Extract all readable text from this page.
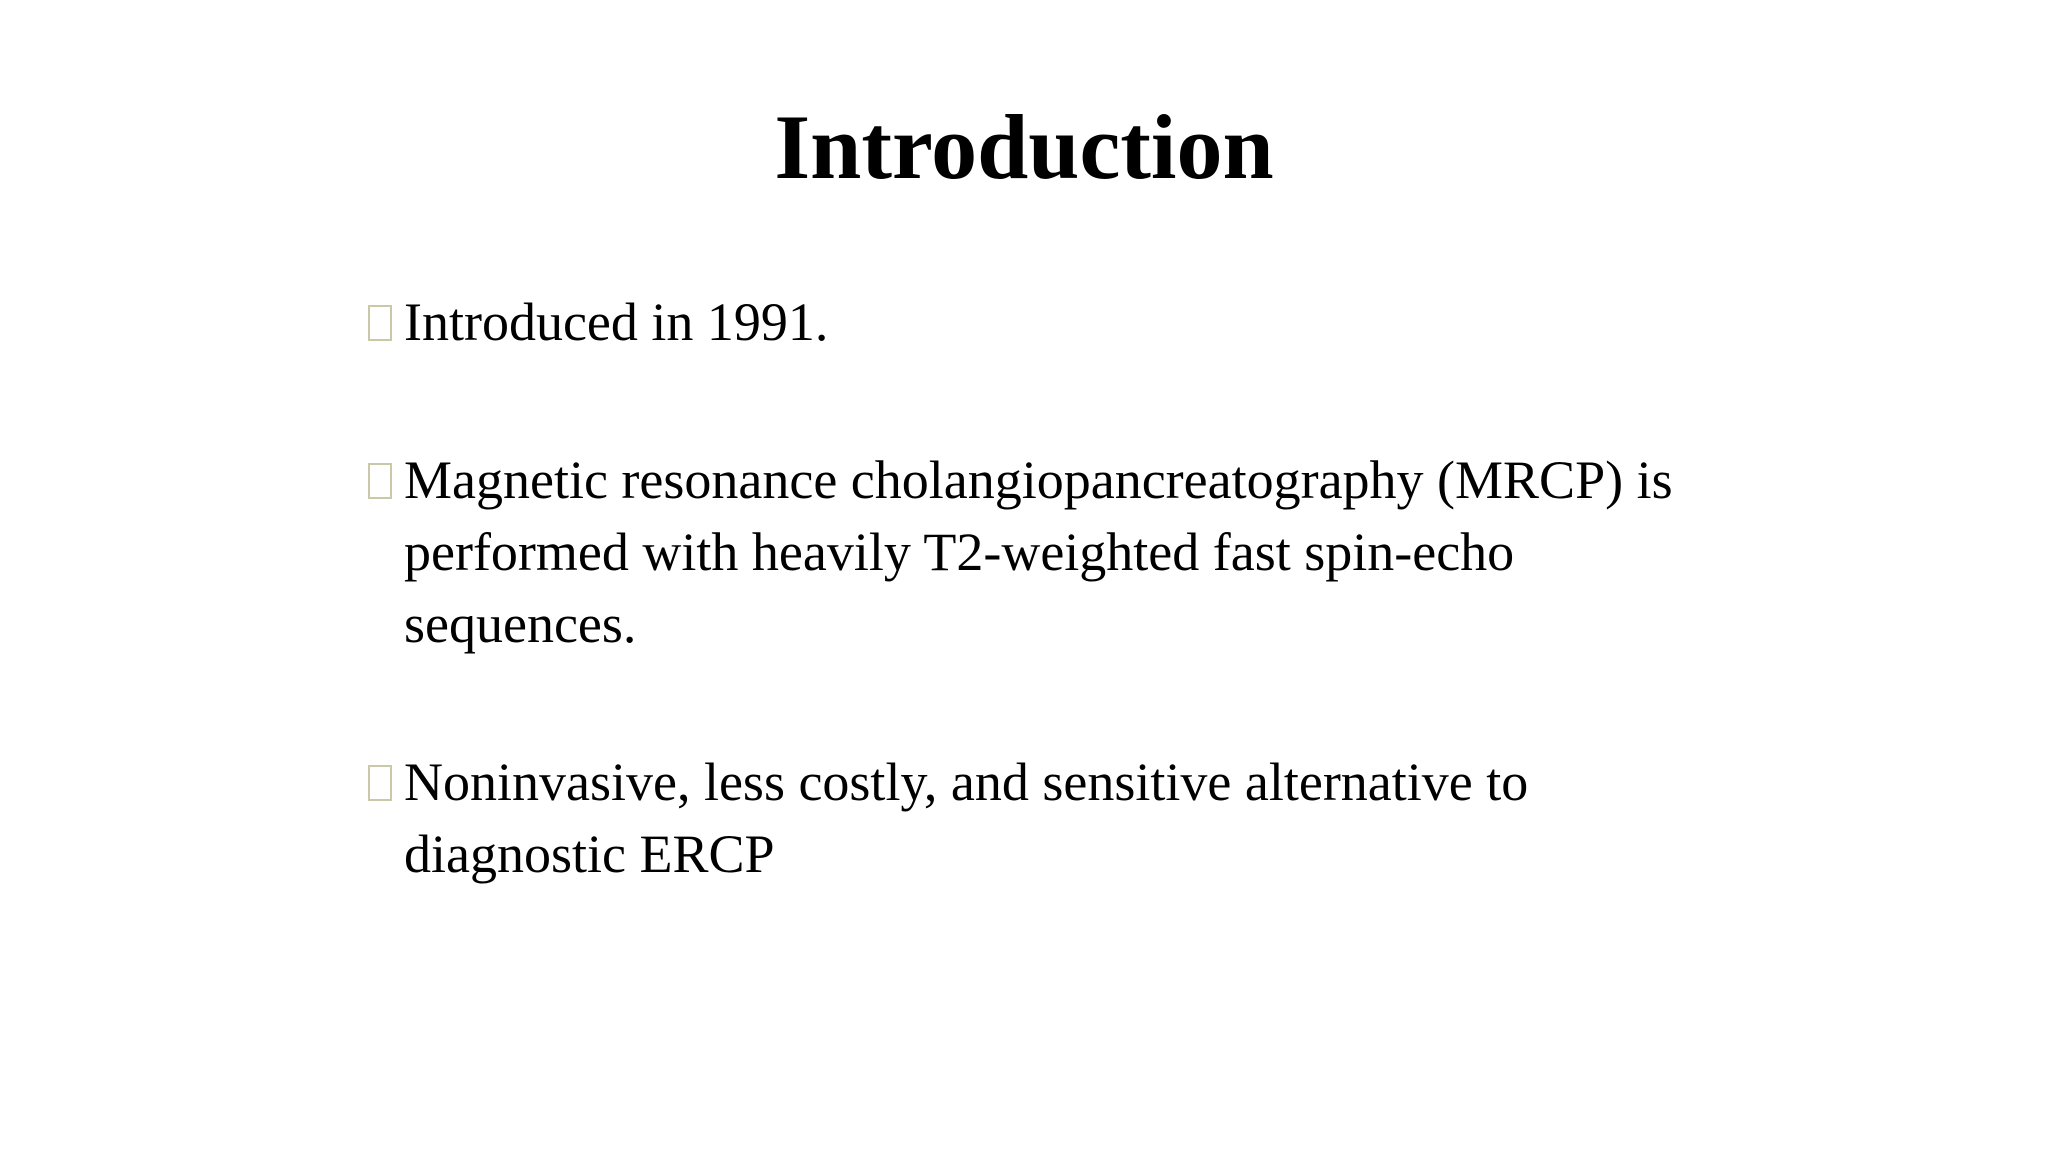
Introduction
Introduced in 1991.
Magnetic resonance cholangiopancreatography (MRCP) is performed with heavily T2-weighted fast spin-echo sequences.
Noninvasive, less costly, and sensitive alternative to diagnostic ERCP
